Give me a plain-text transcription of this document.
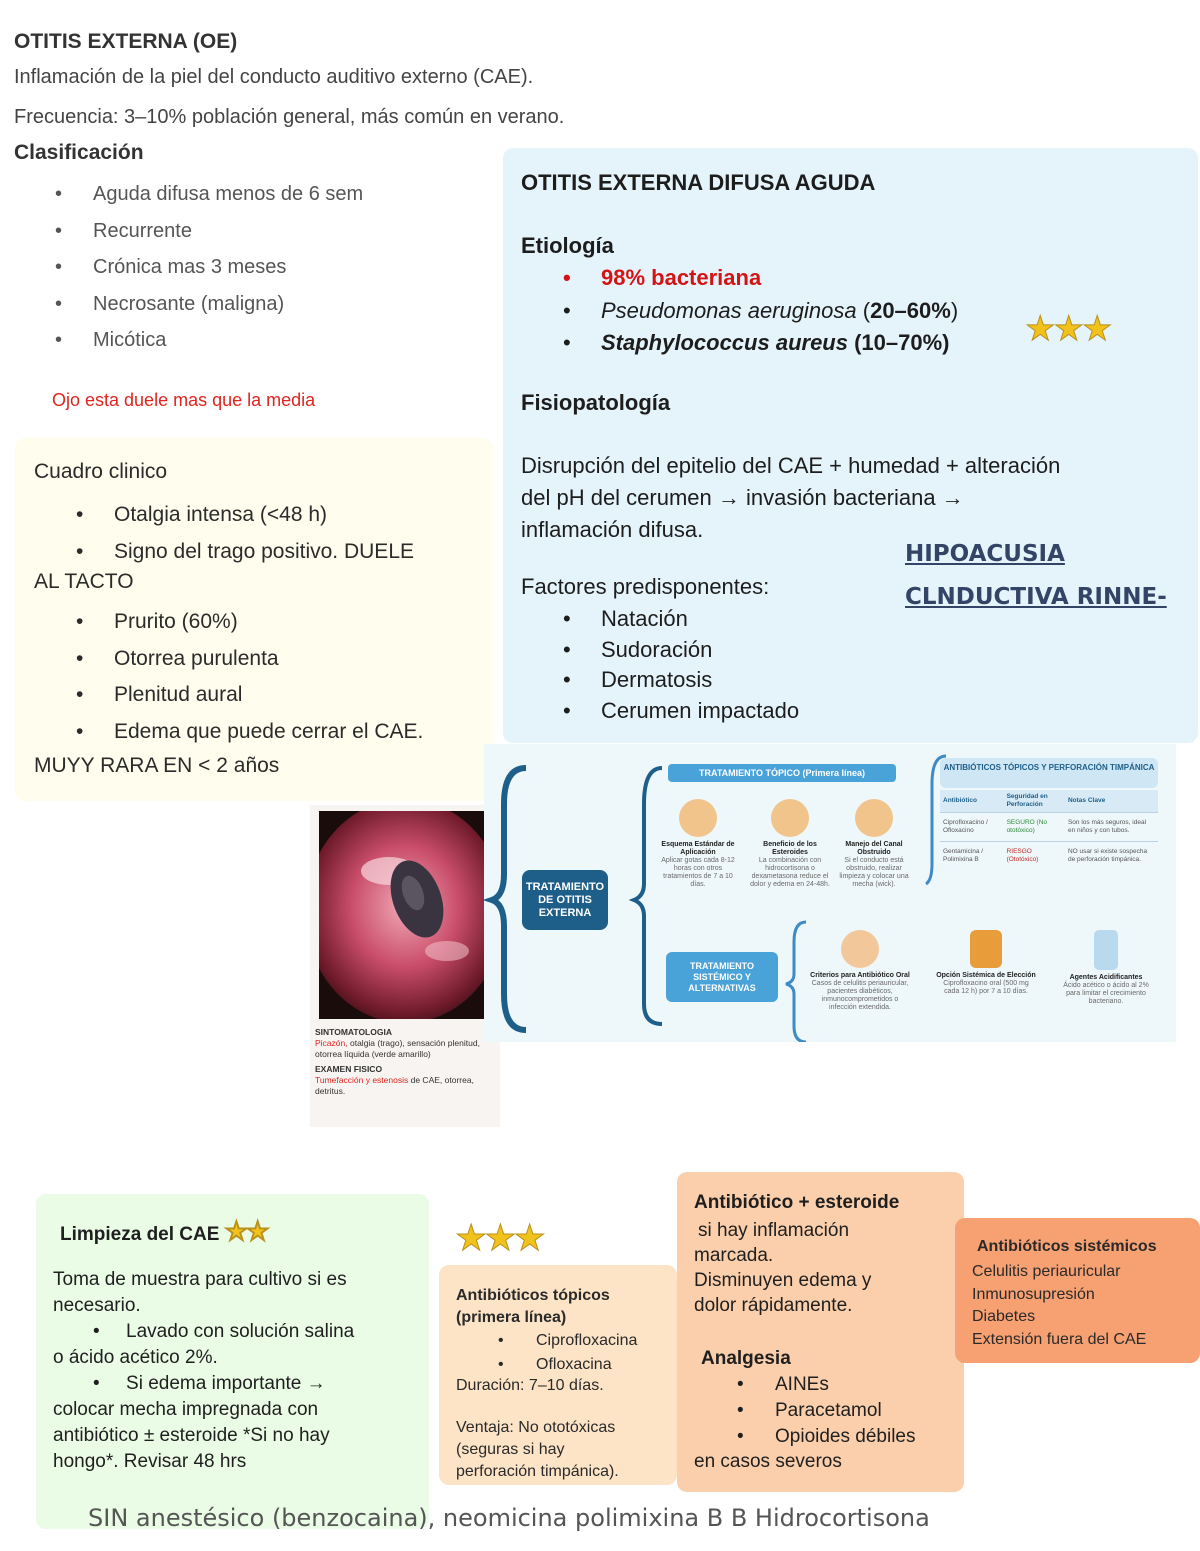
OTITIS EXTERNA (OE)
Inflamación de la piel del conducto auditivo externo (CAE).
Frecuencia: 3–10% población general, más común en verano.
Clasificación
• Aguda difusa menos de 6 sem
• Recurrente
• Crónica mas 3 meses
• Necrosante (maligna)
• Micótica
Ojo esta duele mas que la media
Cuadro clinico
• Otalgia intensa (<48 h)
• Signo del trago positivo. DUELE
AL TACTO
• Prurito (60%)
• Otorrea purulenta
• Plenitud aural
• Edema que puede cerrar el CAE.
MUYY RARA EN < 2 años
OTITIS EXTERNA DIFUSA AGUDA
Etiología
• 98% bacteriana
• Pseudomonas aeruginosa (20–60%)
• Staphylococcus aureus (10–70%) ★★★
Fisiopatología
Disrupción del epitelio del CAE + humedad + alteración
del pH del cerumen → invasión bacteriana →
inflamación difusa.
Factores predisponentes:
• Natación
• Sudoración
• Dermatosis
• Cerumen impactado
HIPOACUSIA
CLNDUCTIVA RINNE-
SINTOMATOLOGIA
Picazón, otalgia (trago), sensación plenitud, otorrea líquida (verde amarillo)
EXAMEN FISICO
Tumefacción y estenosis de CAE, otorrea, detritus.
TRATAMIENTO DE OTITIS EXTERNA
TRATAMIENTO TÓPICO (Primera línea)
Esquema Estándar de Aplicación
Aplicar gotas cada 8-12 horas con otros tratamientos de 7 a 10 días.
Beneficio de los Esteroides
La combinación con hidrocortisona o dexametasona reduce el dolor y edema en 24-48h.
Manejo del Canal Obstruido
Si el conducto está obstruido, realizar limpieza y colocar una mecha (wick).
ANTIBIÓTICOS TÓPICOS Y PERFORACIÓN TIMPÁNICA
Antibiótico	Seguridad en Perforación	Notas Clave
Ciprofloxacino / Ofloxacino	SEGURO (No ototóxico)	Son los más seguros, ideal en niños y con tubos.
Gentamicina / Polimixina B	RIESGO (Ototóxico)	NO usar si existe sospecha de perforación timpánica.
TRATAMIENTO SISTÉMICO Y ALTERNATIVAS
Criterios para Antibiótico Oral
Casos de celulitis periauricular, pacientes diabéticos, inmunocomprometidos o infección extendida.
Opción Sistémica de Elección
Ciprofloxacino oral (500 mg cada 12 h) por 7 a 10 días.
Agentes Acidificantes
Ácido acético o ácido al 2% para limitar el crecimiento bacteriano.
Limpieza del CAE ★★
Toma de muestra para cultivo si es
necesario.
•     Lavado con solución salina
o ácido acético 2%.
•     Si edema importante →
colocar mecha impregnada con
antibiótico ± esteroide *Si no hay
hongo*. Revisar 48 hrs
SIN anestésico (benzocaina), neomicina polimixina B B Hidrocortisona
★★★
Antibióticos tópicos
(primera línea)
• Ciprofloxacina
• Ofloxacina
Duración: 7–10 días.
Ventaja: No ototóxicas
(seguras si hay
perforación timpánica).
Antibiótico + esteroide
si hay inflamación
marcada.
Disminuyen edema y
dolor rápidamente.
Analgesia
• AINEs
• Paracetamol
• Opioides débiles
en casos severos
Antibióticos sistémicos
Celulitis periauricular
Inmunosupresión
Diabetes
Extensión fuera del CAE
